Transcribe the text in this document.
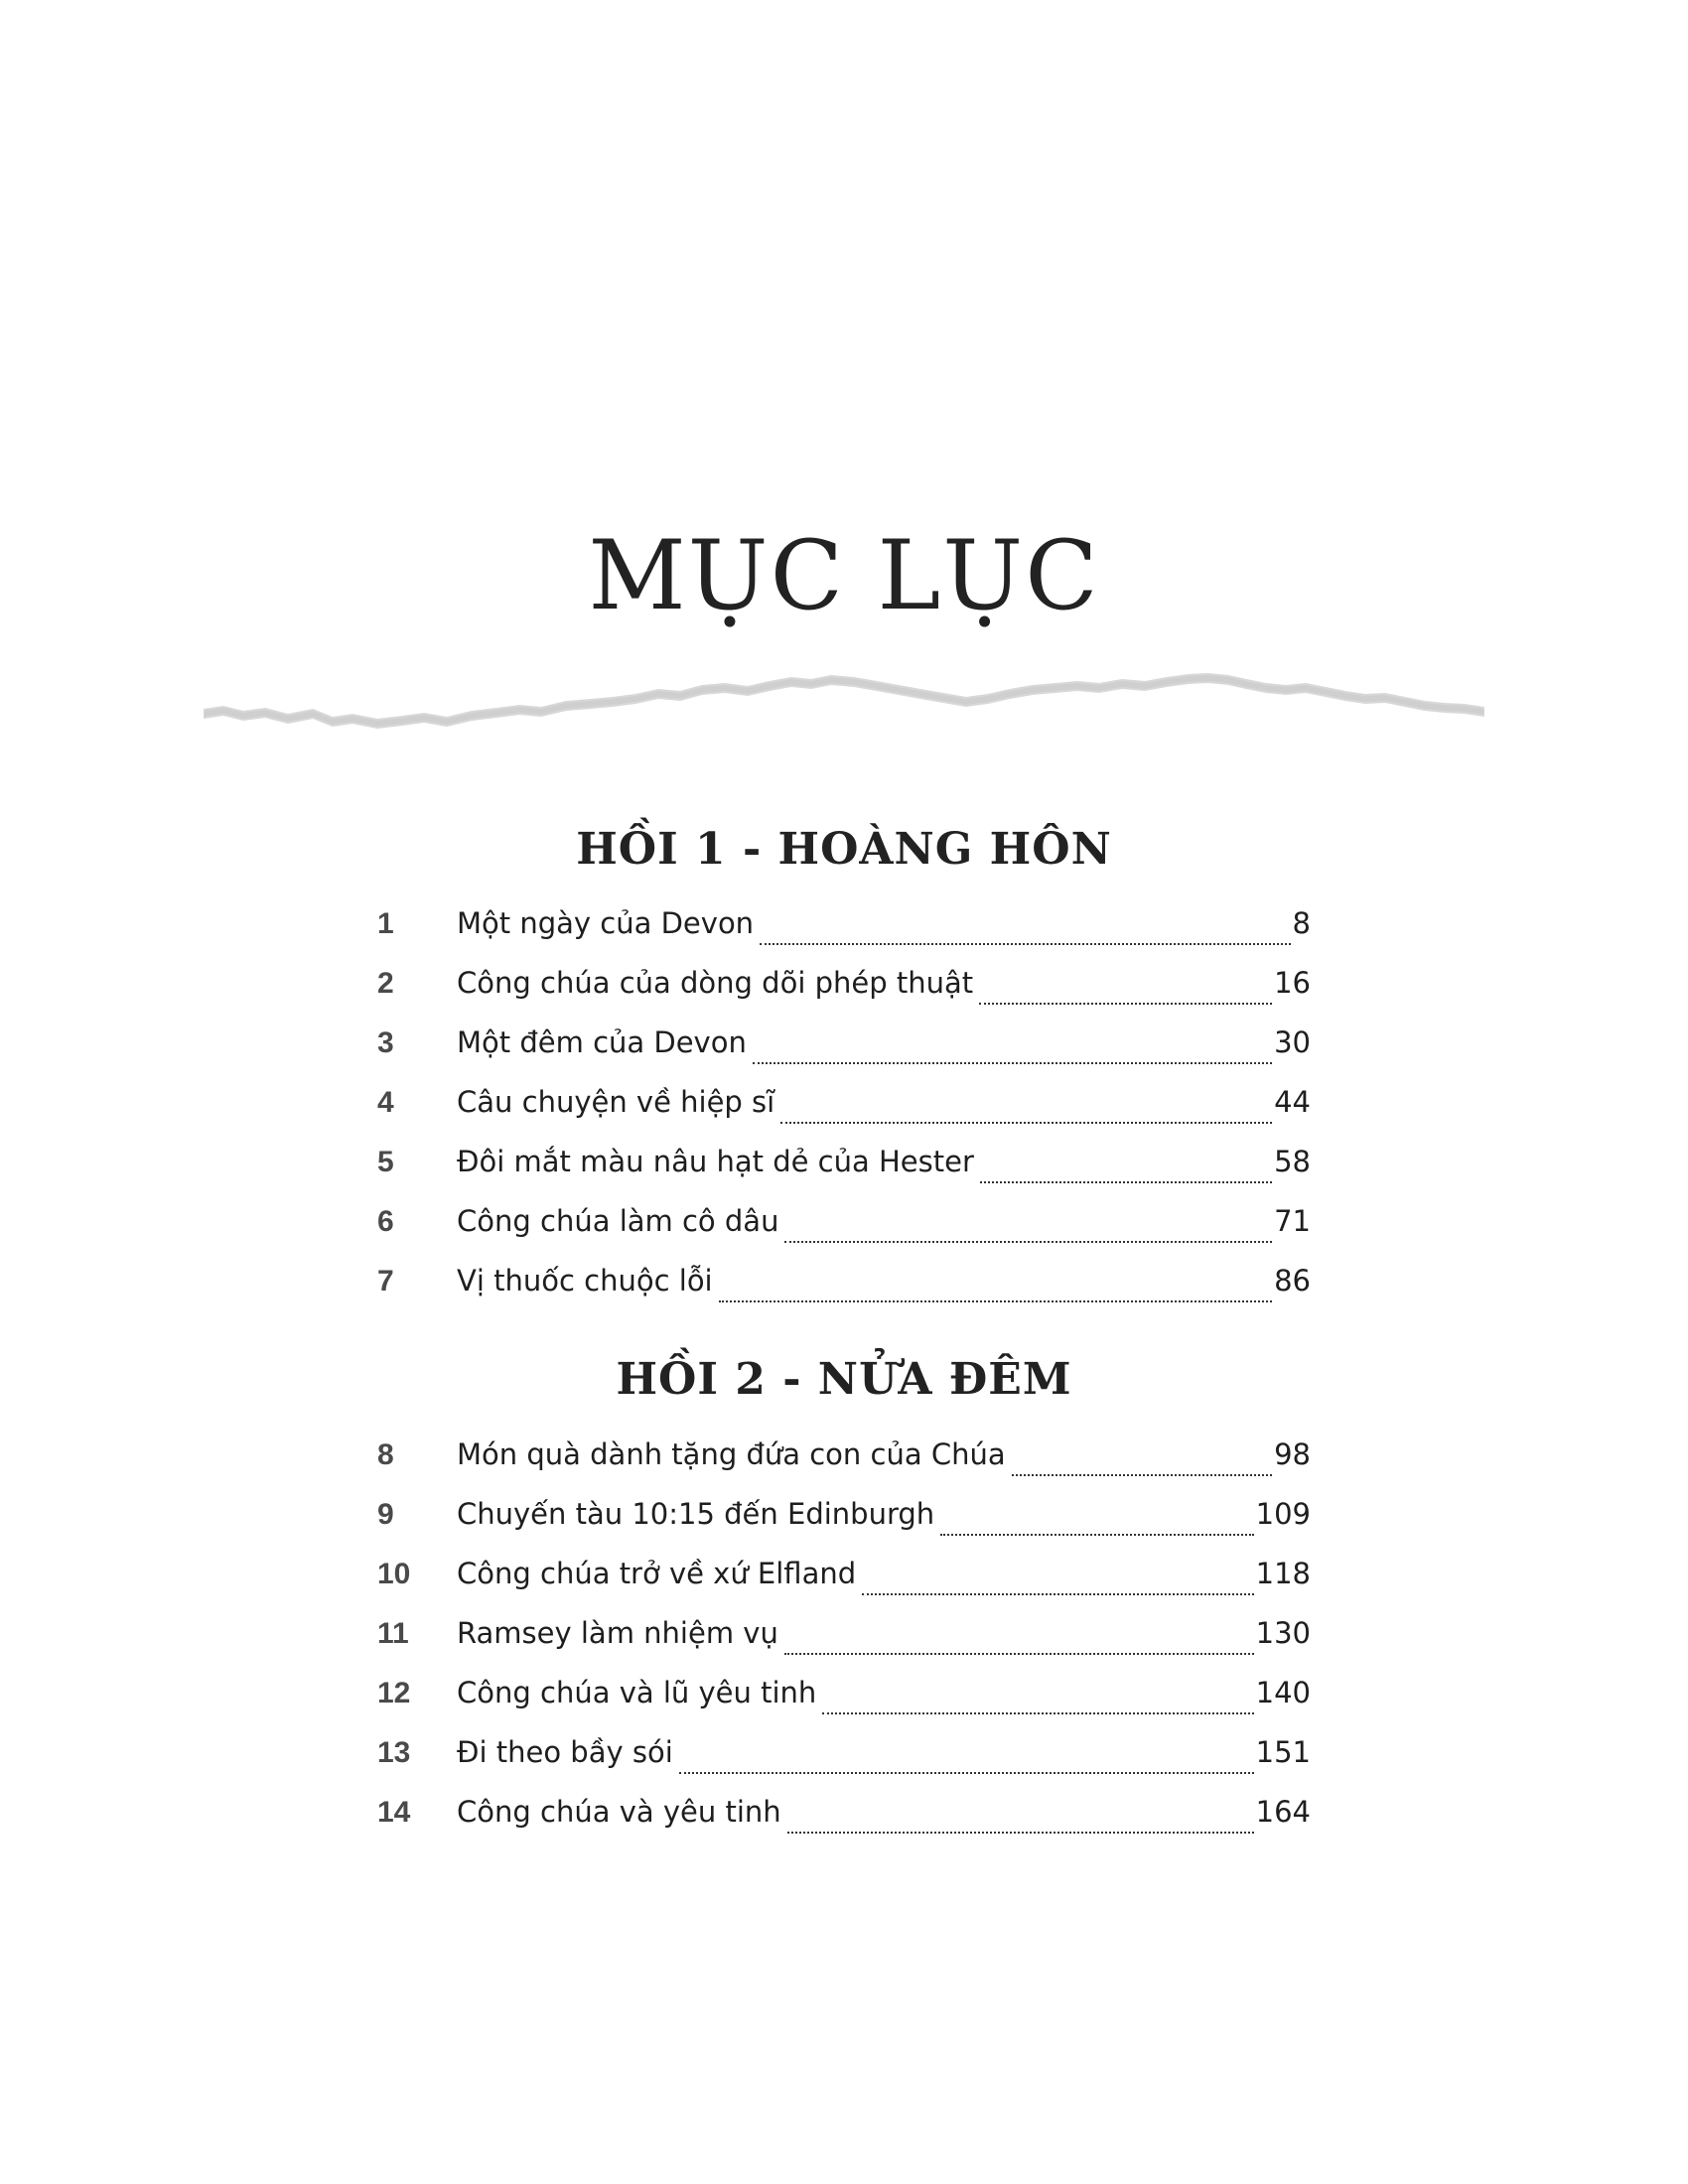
MỤC LỤC
HỒI 1 - HOÀNG HÔN
1	Một ngày của Devon	8
2	Công chúa của dòng dõi phép thuật	16
3	Một đêm của Devon	30
4	Câu chuyện về hiệp sĩ	44
5	Đôi mắt màu nâu hạt dẻ của Hester	58
6	Công chúa làm cô dâu	71
7	Vị thuốc chuộc lỗi	86
HỒI 2 - NỬA ĐÊM
8	Món quà dành tặng đứa con của Chúa	98
9	Chuyến tàu 10:15 đến Edinburgh	109
10	Công chúa trở về xứ Elfland	118
11	Ramsey làm nhiệm vụ	130
12	Công chúa và lũ yêu tinh	140
13	Đi theo bầy sói	151
14	Công chúa và yêu tinh	164
